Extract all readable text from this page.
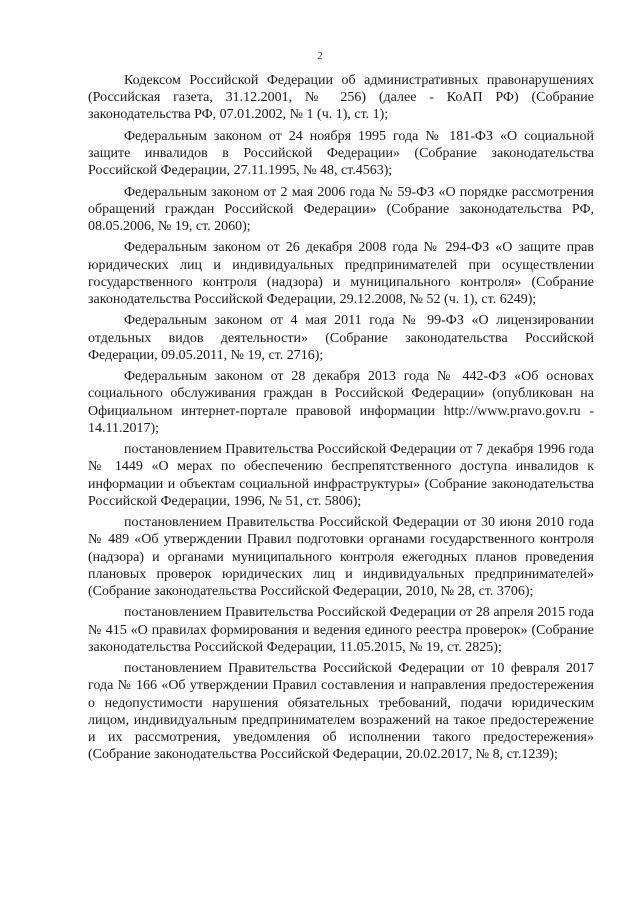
2

Кодексом Российской Федерации об административных правонарушениях (Российская газета, 31.12.2001, № 256) (далее - КоАП РФ) (Собрание законодательства РФ, 07.01.2002, № 1 (ч. 1), ст. 1);

Федеральным законом от 24 ноября 1995 года № 181-ФЗ «О социальной защите инвалидов в Российской Федерации» (Собрание законодательства Российской Федерации, 27.11.1995, № 48, ст.4563);

Федеральным законом от 2 мая 2006 года № 59-ФЗ «О порядке рассмотрения обращений граждан Российской Федерации» (Собрание законодательства РФ, 08.05.2006, № 19, ст. 2060);

Федеральным законом от 26 декабря 2008 года № 294-ФЗ «О защите прав юридических лиц и индивидуальных предпринимателей при осуществлении государственного контроля (надзора) и муниципального контроля» (Собрание законодательства Российской Федерации, 29.12.2008, № 52 (ч. 1), ст. 6249);

Федеральным законом от 4 мая 2011 года № 99-ФЗ «О лицензировании отдельных видов деятельности» (Собрание законодательства Российской Федерации, 09.05.2011, № 19, ст. 2716);

Федеральным законом от 28 декабря 2013 года № 442-ФЗ «Об основах социального обслуживания граждан в Российской Федерации» (опубликован на Официальном интернет-портале правовой информации http://www.pravo.gov.ru - 14.11.2017);

постановлением Правительства Российской Федерации от 7 декабря 1996 года № 1449 «О мерах по обеспечению беспрепятственного доступа инвалидов к информации и объектам социальной инфраструктуры» (Собрание законодательства Российской Федерации, 1996, № 51, ст. 5806);

постановлением Правительства Российской Федерации от 30 июня 2010 года № 489 «Об утверждении Правил подготовки органами государственного контроля (надзора) и органами муниципального контроля ежегодных планов проведения плановых проверок юридических лиц и индивидуальных предпринимателей» (Собрание законодательства Российской Федерации, 2010, № 28, ст. 3706);

постановлением Правительства Российской Федерации от 28 апреля 2015 года № 415 «О правилах формирования и ведения единого реестра проверок» (Собрание законодательства Российской Федерации, 11.05.2015, № 19, ст. 2825);

постановлением Правительства Российской Федерации от 10 февраля 2017 года № 166 «Об утверждении Правил составления и направления предостережения о недопустимости нарушения обязательных требований, подачи юридическим лицом, индивидуальным предпринимателем возражений на такое предостережение и их рассмотрения, уведомления об исполнении такого предостережения» (Собрание законодательства Российской Федерации, 20.02.2017, № 8, ст.1239);
